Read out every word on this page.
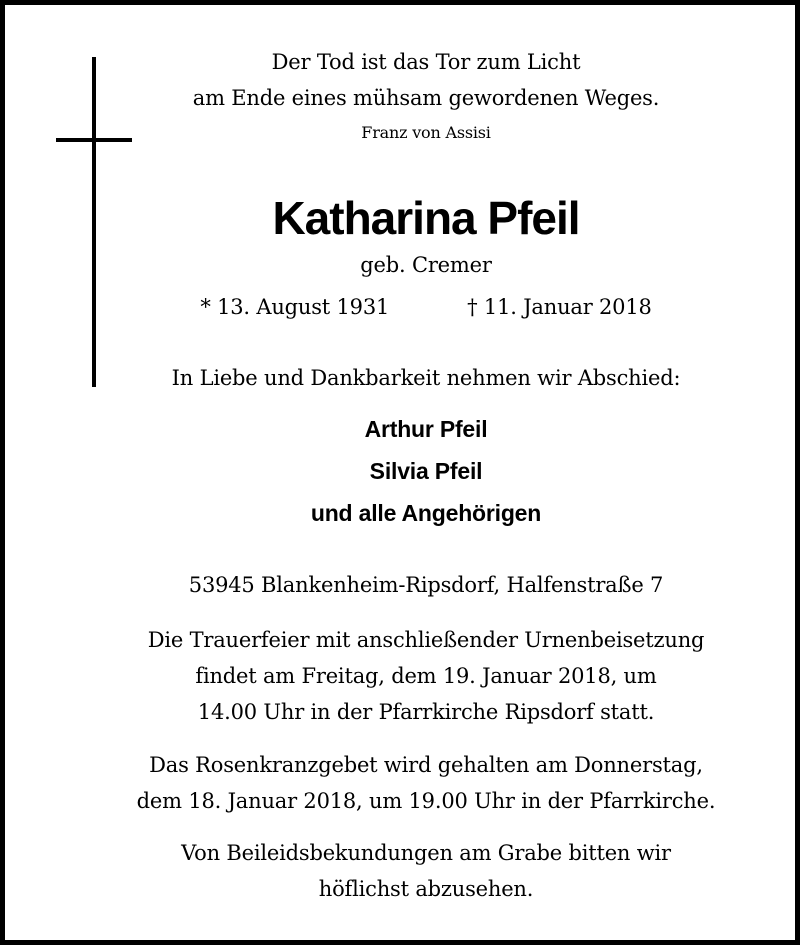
Der Tod ist das Tor zum Licht
am Ende eines mühsam gewordenen Weges.
Franz von Assisi
Katharina Pfeil
geb. Cremer
* 13. August 1931	† 11. Januar 2018
In Liebe und Dankbarkeit nehmen wir Abschied:
Arthur Pfeil
Silvia Pfeil
und alle Angehörigen
53945 Blankenheim-Ripsdorf, Halfenstraße 7
Die Trauerfeier mit anschließender Urnenbeisetzung
findet am Freitag, dem 19. Januar 2018, um
14.00 Uhr in der Pfarrkirche Ripsdorf statt.
Das Rosenkranzgebet wird gehalten am Donnerstag,
dem 18. Januar 2018, um 19.00 Uhr in der Pfarrkirche.
Von Beileidsbekundungen am Grabe bitten wir
höflichst abzusehen.
